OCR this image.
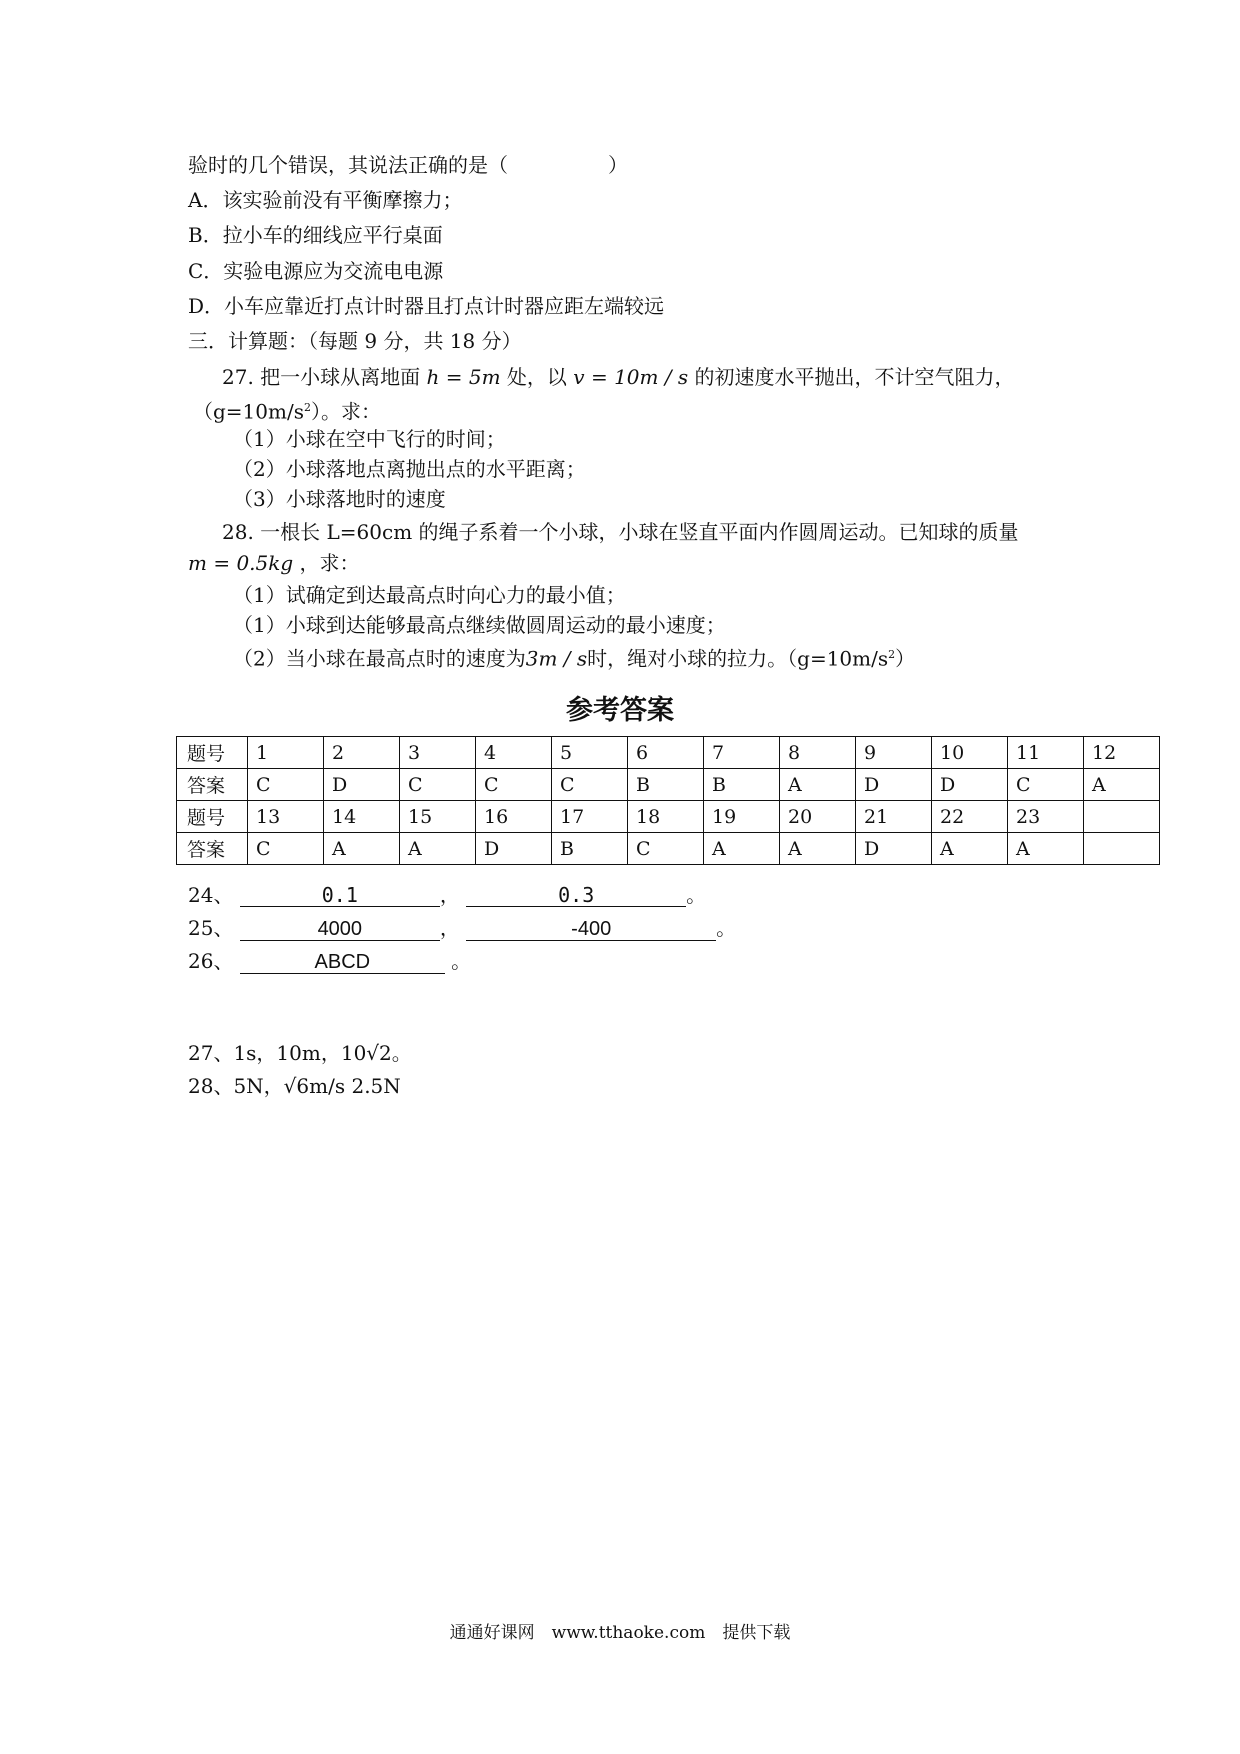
验时的几个错误，其说法正确的是（　　　　　）
A．该实验前没有平衡摩擦力；
B．拉小车的细线应平行桌面
C．实验电源应为交流电电源
D．小车应靠近打点计时器且打点计时器应距左端较远
三．计算题：（每题 9 分，共 18 分）
27. 把一小球从离地面 h = 5m 处，以 v = 10m / s 的初速度水平抛出，不计空气阻力，
$(g=10m/s^2)$。求：
（1）小球在空中飞行的时间；
（2）小球落地点离抛出点的水平距离；
（3）小球落地时的速度
28. 一根长 L=60cm 的绳子系着一个小球，小球在竖直平面内作圆周运动。已知球的质量
m = 0.5kg ，求：
（1）试确定到达最高点时向心力的最小值；
（1）小球到达能够最高点继续做圆周运动的最小速度；
（2）当小球在最高点时的速度为3m / s时，绳对小球的拉力。$(g=10m/s^2)$
参考答案
题号	1	2	3	4	5	6	7	8	9	10	11	12
答案	C	D	C	C	C	B	B	A	D	D	C	A
题号	13	14	15	16	17	18	19	20	21	22	23	
答案	C	A	A	D	B	C	A	A	D	A	A	
24、	0.1	，	0.3	。
25、	4000	，	-400	。
26、	ABCD	。
27、1s，10m，10√2。
28、5N，√6m/s 2.5N
通通好课网　www.tthaoke.com　提供下载
